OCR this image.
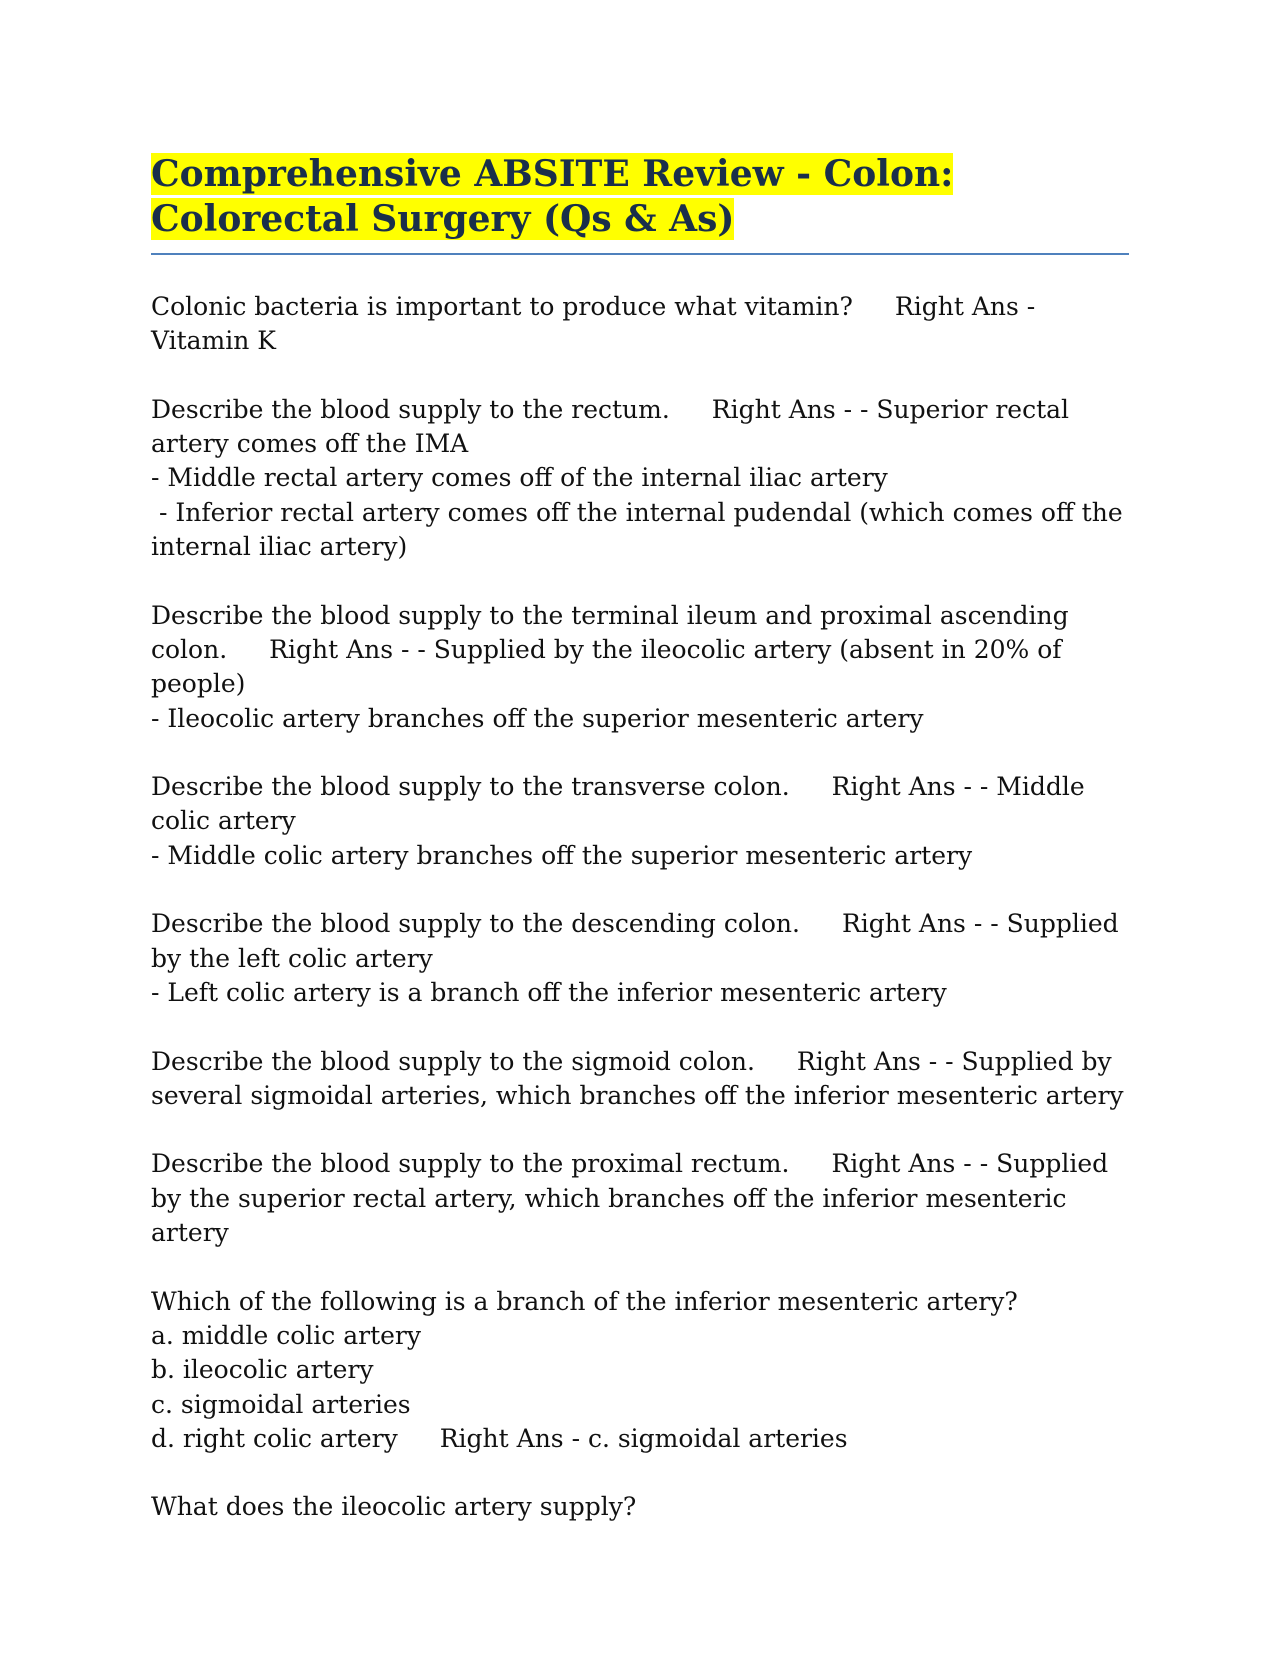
Comprehensive ABSITE Review - Colon: Colorectal Surgery (Qs & As)

Colonic bacteria is important to produce what vitamin? Right Ans - Vitamin K

Describe the blood supply to the rectum. Right Ans - - Superior rectal artery comes off the IMA
- Middle rectal artery comes off of the internal iliac artery
- Inferior rectal artery comes off the internal pudendal (which comes off the internal iliac artery)

Describe the blood supply to the terminal ileum and proximal ascending colon. Right Ans - - Supplied by the ileocolic artery (absent in 20% of people)
- Ileocolic artery branches off the superior mesenteric artery

Describe the blood supply to the transverse colon. Right Ans - - Middle colic artery
- Middle colic artery branches off the superior mesenteric artery

Describe the blood supply to the descending colon. Right Ans - - Supplied by the left colic artery
- Left colic artery is a branch off the inferior mesenteric artery

Describe the blood supply to the sigmoid colon. Right Ans - - Supplied by several sigmoidal arteries, which branches off the inferior mesenteric artery

Describe the blood supply to the proximal rectum. Right Ans - - Supplied by the superior rectal artery, which branches off the inferior mesenteric artery

Which of the following is a branch of the inferior mesenteric artery?
a. middle colic artery
b. ileocolic artery
c. sigmoidal arteries
d. right colic artery Right Ans - c. sigmoidal arteries

What does the ileocolic artery supply?
